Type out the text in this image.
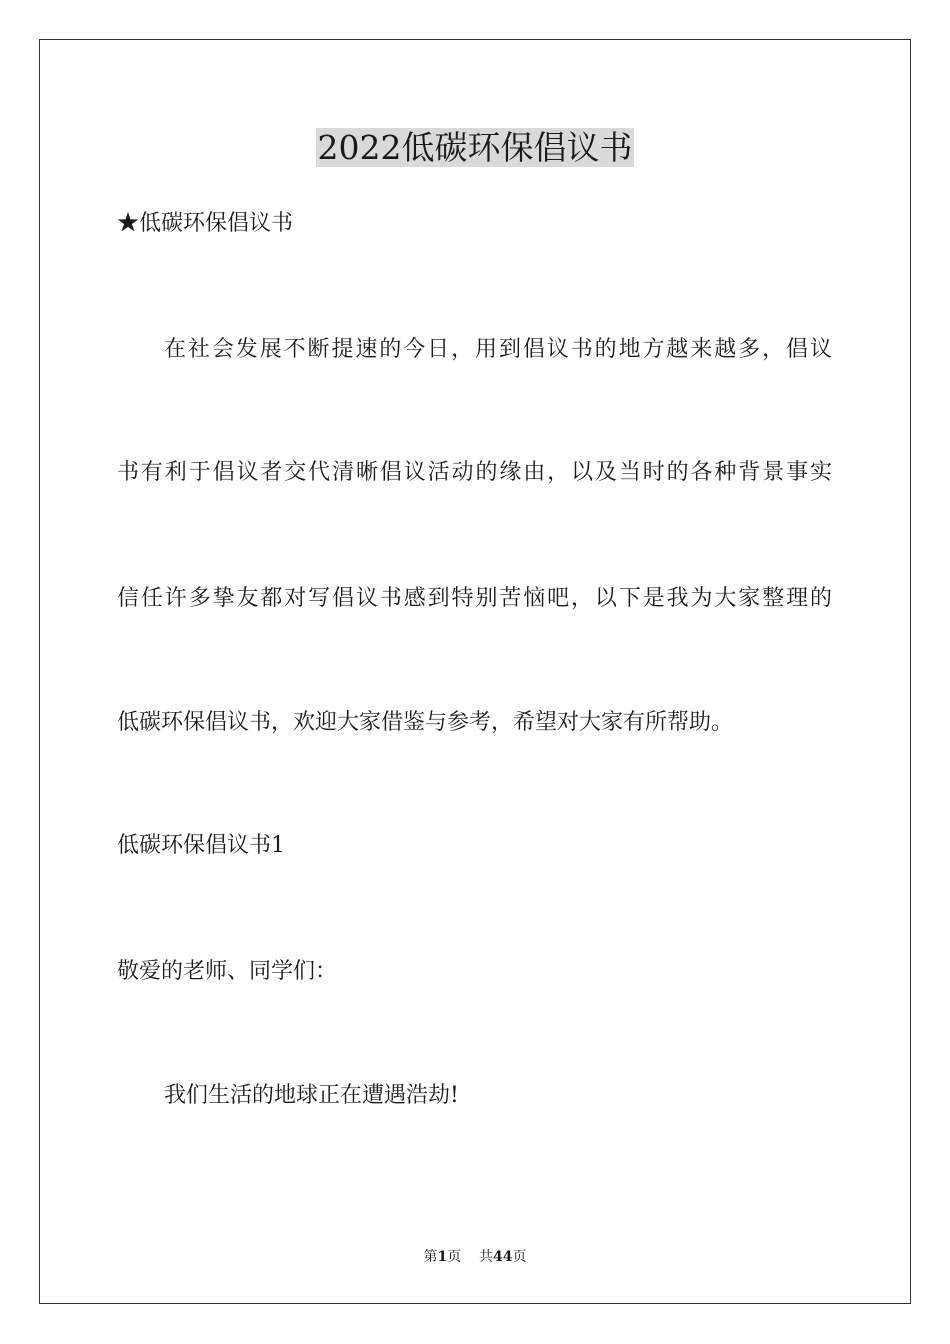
2022低碳环保倡议书

★低碳环保倡议书

在社会发展不断提速的今日，用到倡议书的地方越来越多，倡议

书有利于倡议者交代清晰倡议活动的缘由，以及当时的各种背景事实

信任许多挚友都对写倡议书感到特别苦恼吧，以下是我为大家整理的

低碳环保倡议书，欢迎大家借鉴与参考，希望对大家有所帮助。

低碳环保倡议书1

敬爱的老师、同学们：

我们生活的地球正在遭遇浩劫!

第1页 共44页
